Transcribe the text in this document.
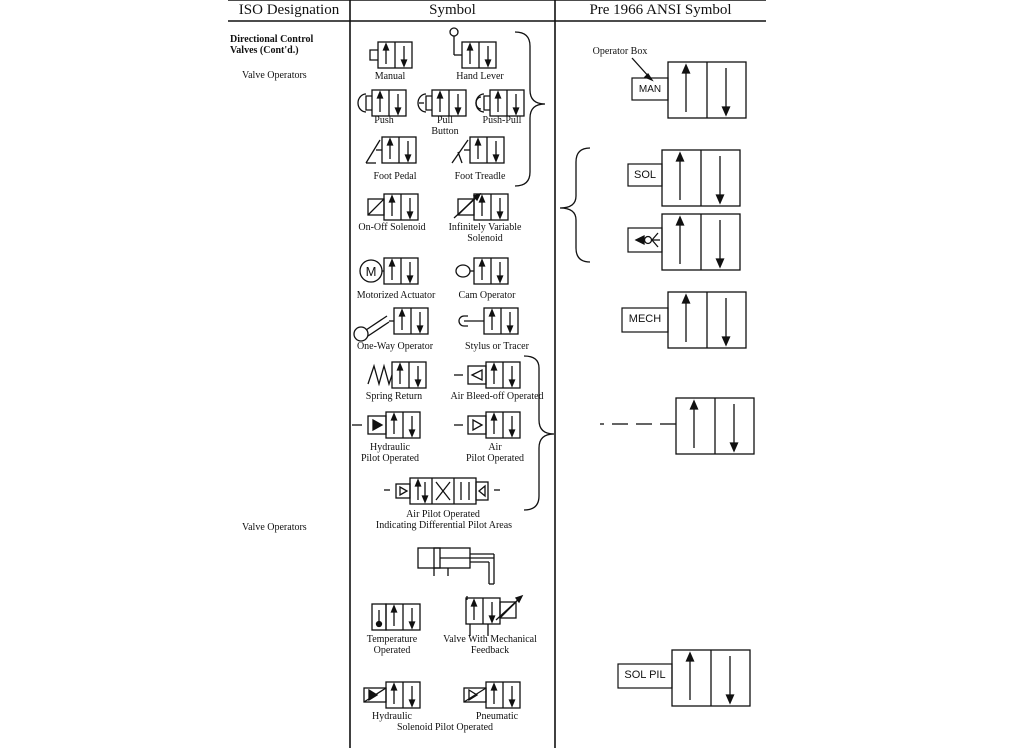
M
ISO Designation	Symbol	Pre 1966 ANSI Symbol
Directional Control
Valves (Cont'd.)
Valve Operators
Valve Operators
Manual	Hand Lever
Push	Pull
Button
Push-Pull
Foot Pedal	Foot Treadle
On-Off Solenoid	Infinitely Variable
Solenoid
Motorized Actuator	Cam Operator
One-Way Operator	Stylus or Tracer
Spring Return	Air Bleed-off Operated
Hydraulic
Pilot Operated
Air
Pilot Operated
Air Pilot Operated
Indicating Differential Pilot Areas
Temperature
Operated
Valve With Mechanical
Feedback
Hydraulic	Pneumatic
Solenoid Pilot Operated
Operator Box
MAN
SOL
MECH
SOL PIL
